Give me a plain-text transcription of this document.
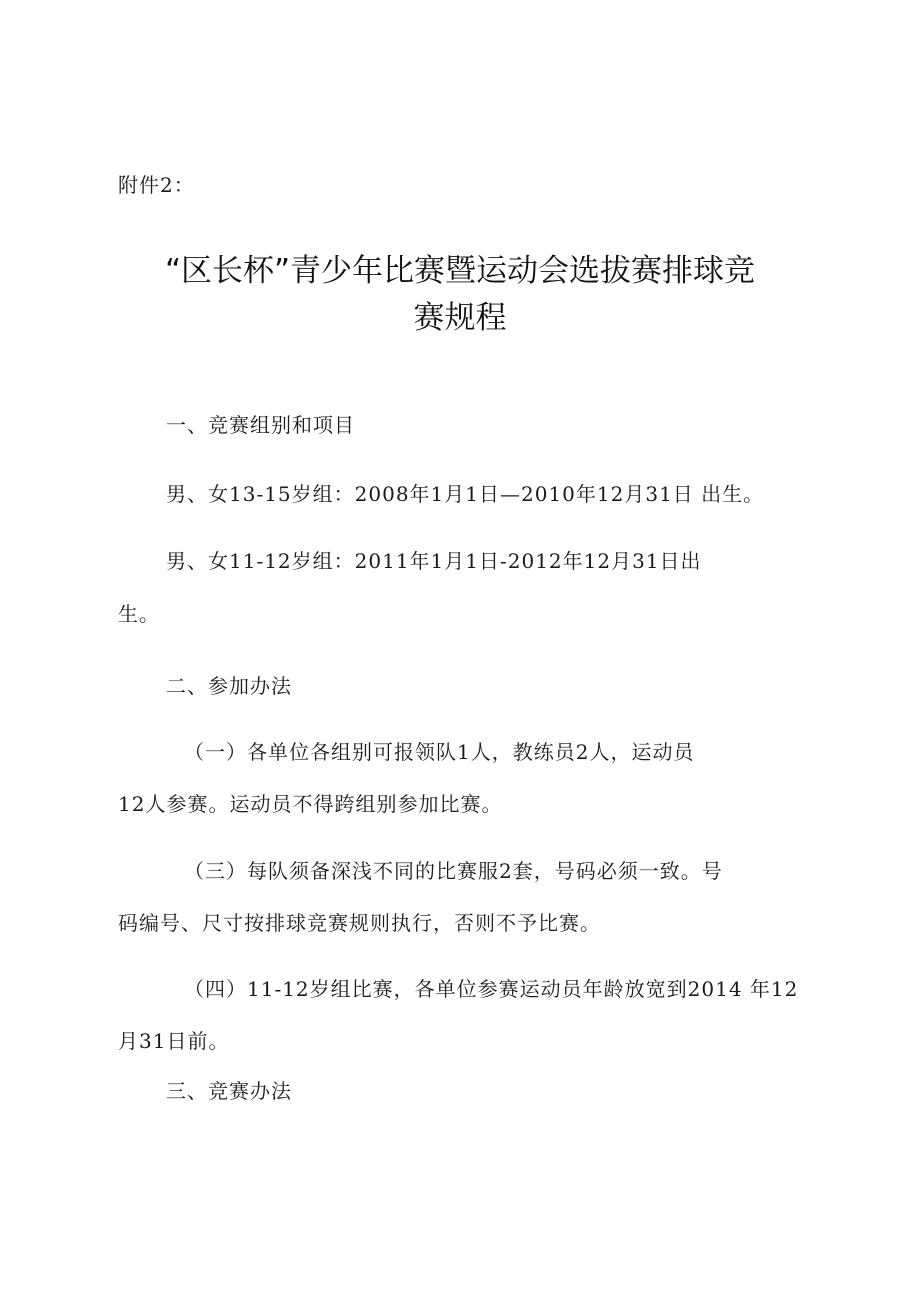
附件2：
“区长杯”青少年比赛暨运动会选拔赛排球竞
赛规程
一、竞赛组别和项目
男、女13-15岁组：2008年1月1日—2010年12月31日 出生。
男、女11-12岁组：2011年1月1日-2012年12月31日出
生。
二、参加办法
（一）各单位各组别可报领队1人，教练员2人，运动员
12人参赛。运动员不得跨组别参加比赛。
（三）每队须备深浅不同的比赛服2套，号码必须一致。号
码编号、尺寸按排球竞赛规则执行，否则不予比赛。
（四）11-12岁组比赛，各单位参赛运动员年龄放宽到2014 年12
月31日前。
三、竞赛办法
